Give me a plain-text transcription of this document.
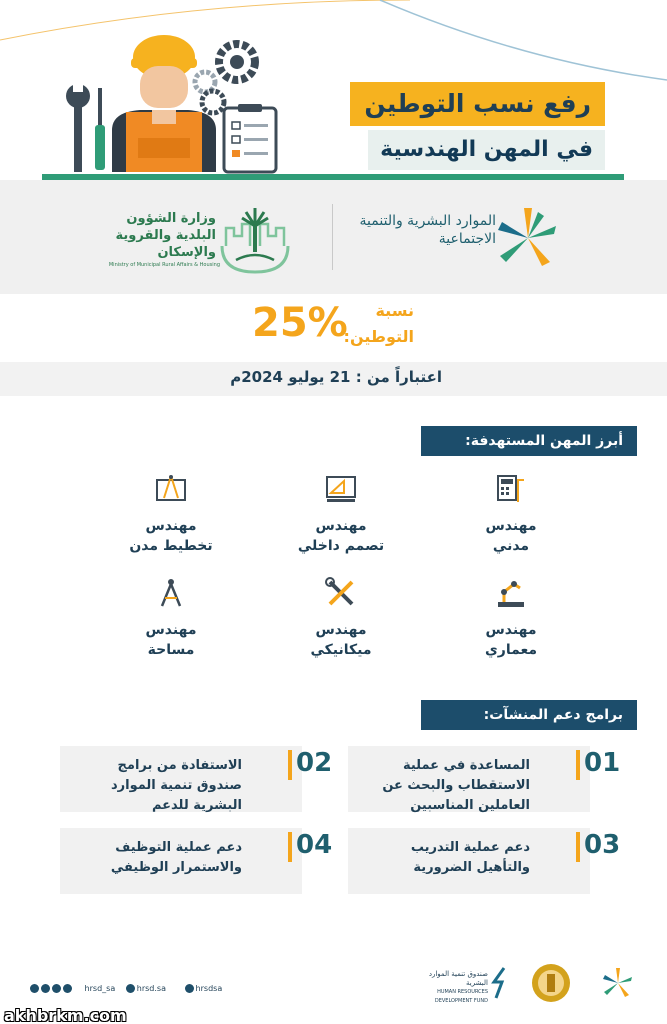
رفع نسب التوطين
في المهن الهندسية
الموارد البشرية والتنمية الاجتماعية
وزارة الشؤون البلدية والقروية والإسكان
Ministry of Municipal Rural Affairs & Housing
نسبة التوطين:
25%
اعتباراً من : 21 يوليو 2024م
أبرز المهن المستهدفة:
مهندس
مدني
مهندس
تصمم داخلي
مهندس
تخطيط مدن
مهندس
معماري
مهندس
ميكانيكي
مهندس
مساحة
برامج دعم المنشآت:
المساعدة في عملية الاستقطاب والبحث عن العاملين المناسبين
01
الاستفادة من برامج صندوق تنمية الموارد البشرية للدعم
02
دعم عملية التدريب والتأهيل الضرورية
03
دعم عملية التوظيف والاستمرار الوظيفي
04
hrsd_sa	hrsd.sa	hrsdsa
صندوق تنمية الموارد البشرية
HUMAN RESOURCES DEVELOPMENT FUND
akhbrkm.com
